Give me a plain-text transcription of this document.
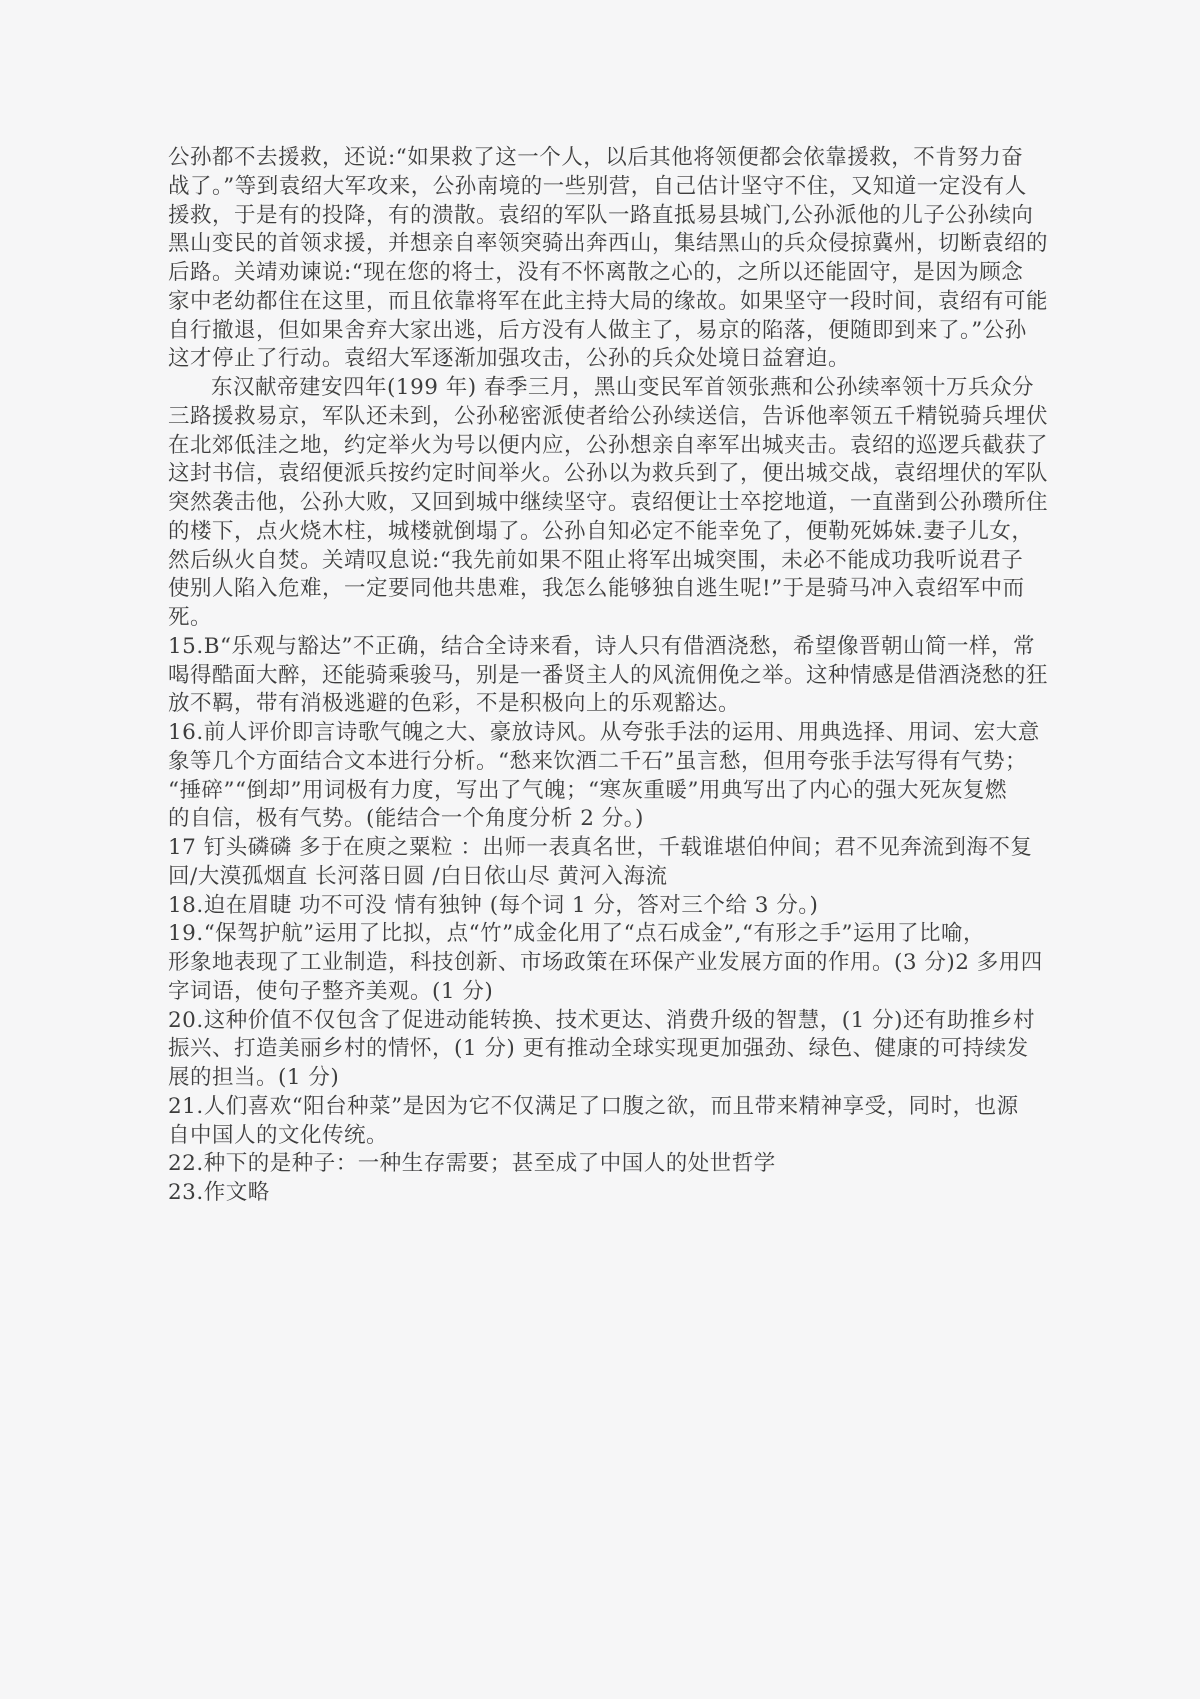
公孙都不去援救，还说:“如果救了这一个人，以后其他将领便都会依靠援救，不肯努力奋
战了。”等到袁绍大军攻来，公孙南境的一些别营，自己估计坚守不住，又知道一定没有人
援救，于是有的投降，有的溃散。袁绍的军队一路直抵易县城门,公孙派他的儿子公孙续向
黑山变民的首领求援，并想亲自率领突骑出奔西山，集结黑山的兵众侵掠冀州，切断袁绍的
后路。关靖劝谏说:“现在您的将士，没有不怀离散之心的，之所以还能固守，是因为顾念
家中老幼都住在这里，而且依靠将军在此主持大局的缘故。如果坚守一段时间，袁绍有可能
自行撤退，但如果舍弃大家出逃，后方没有人做主了，易京的陷落，便随即到来了。”公孙
这才停止了行动。袁绍大军逐渐加强攻击，公孙的兵众处境日益窘迫。
东汉献帝建安四年(199 年) 春季三月，黑山变民军首领张燕和公孙续率领十万兵众分
三路援救易京，军队还未到，公孙秘密派使者给公孙续送信，告诉他率领五千精锐骑兵埋伏
在北郊低洼之地，约定举火为号以便内应，公孙想亲自率军出城夹击。袁绍的巡逻兵截获了
这封书信，袁绍便派兵按约定时间举火。公孙以为救兵到了，便出城交战，袁绍埋伏的军队
突然袭击他，公孙大败，又回到城中继续坚守。袁绍便让士卒挖地道，一直凿到公孙瓒所住
的楼下，点火烧木柱，城楼就倒塌了。公孙自知必定不能幸免了，便勒死姊妹.妻子儿女，
然后纵火自焚。关靖叹息说:“我先前如果不阻止将军出城突围，未必不能成功我听说君子
使别人陷入危难，一定要同他共患难，我怎么能够独自逃生呢!”于是骑马冲入袁绍军中而
死。
15.B“乐观与豁达”不正确，结合全诗来看，诗人只有借酒浇愁，希望像晋朝山简一样，常
喝得酷面大醉，还能骑乘骏马，别是一番贤主人的风流佣俛之举。这种情感是借酒浇愁的狂
放不羁，带有消极逃避的色彩，不是积极向上的乐观豁达。
16.前人评价即言诗歌气魄之大、豪放诗风。从夸张手法的运用、用典选择、用词、宏大意
象等几个方面结合文本进行分析。“愁来饮酒二千石”虽言愁，但用夸张手法写得有气势；
“捶碎”“倒却”用词极有力度，写出了气魄；“寒灰重暖”用典写出了内心的强大死灰复燃
的自信，极有气势。(能结合一个角度分析 2 分。)
17 钉头磷磷 多于在庾之粟粒 ：出师一表真名世，千载谁堪伯仲间；君不见奔流到海不复
回/大漠孤烟直 长河落日圆 /白日依山尽 黄河入海流
18.迫在眉睫 功不可没 情有独钟 (每个词 1 分，答对三个给 3 分。)
19.“保驾护航”运用了比拟，点“竹”成金化用了“点石成金”,“有形之手”运用了比喻，
形象地表现了工业制造，科技创新、市场政策在环保产业发展方面的作用。(3 分)2 多用四
字词语，使句子整齐美观。(1 分)
20.这种价值不仅包含了促进动能转换、技术更达、消费升级的智慧，(1 分)还有助推乡村
振兴、打造美丽乡村的情怀，(1 分) 更有推动全球实现更加强劲、绿色、健康的可持续发
展的担当。(1 分)
21.人们喜欢“阳台种菜”是因为它不仅满足了口腹之欲，而且带来精神享受，同时，也源
自中国人的文化传统。
22.种下的是种子：一种生存需要；甚至成了中国人的处世哲学
23.作文略
